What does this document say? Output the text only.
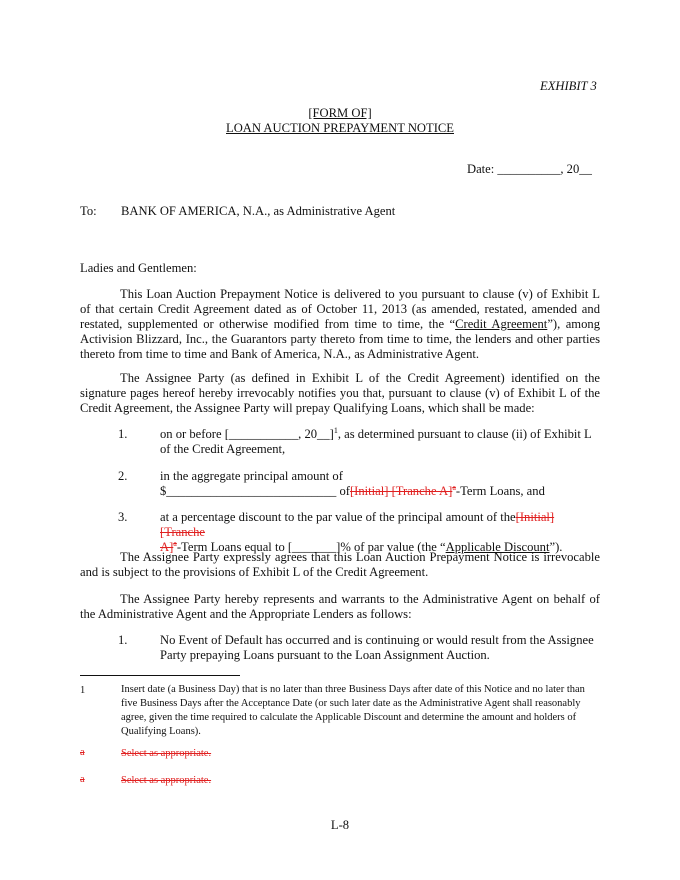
EXHIBIT 3
[FORM OF]
LOAN AUCTION PREPAYMENT NOTICE
Date: __________, 20__
To: BANK OF AMERICA, N.A., as Administrative Agent
Ladies and Gentlemen:
This Loan Auction Prepayment Notice is delivered to you pursuant to clause (v) of Exhibit L of that certain Credit Agreement dated as of October 11, 2013 (as amended, restated, amended and restated, supplemented or otherwise modified from time to time, the “Credit Agreement”), among Activision Blizzard, Inc., the Guarantors party thereto from time to time, the lenders and other parties thereto from time to time and Bank of America, N.A., as Administrative Agent.
The Assignee Party (as defined in Exhibit L of the Credit Agreement) identified on the signature pages hereof hereby irrevocably notifies you that, pursuant to clause (v) of Exhibit L of the Credit Agreement, the Assignee Party will prepay Qualifying Loans, which shall be made:
1.	on or before [___________, 20__]$^1$, as determined pursuant to clause (ii) of Exhibit L of the Credit Agreement,
2.	in the aggregate principal amount of
$___________________________ of[Initial] [Tranche A]$^a$-Term Loans, and
3.	at a percentage discount to the par value of the principal amount of the[Initial] [Tranche
A]$^a$-Term Loans equal to [_______]% of par value (the “Applicable Discount”).
The Assignee Party expressly agrees that this Loan Auction Prepayment Notice is irrevocable and is subject to the provisions of Exhibit L of the Credit Agreement.
The Assignee Party hereby represents and warrants to the Administrative Agent on behalf of the Administrative Agent and the Appropriate Lenders as follows:
1.	No Event of Default has occurred and is continuing or would result from the Assignee Party prepaying Loans pursuant to the Loan Assignment Auction.
1	Insert date (a Business Day) that is no later than three Business Days after date of this Notice and no later than five Business Days after the Acceptance Date (or such later date as the Administrative Agent shall reasonably agree, given the time required to calculate the Applicable Discount and determine the amount and holders of Qualifying Loans).
a	Select as appropriate.
a	Select as appropriate.
L-8
